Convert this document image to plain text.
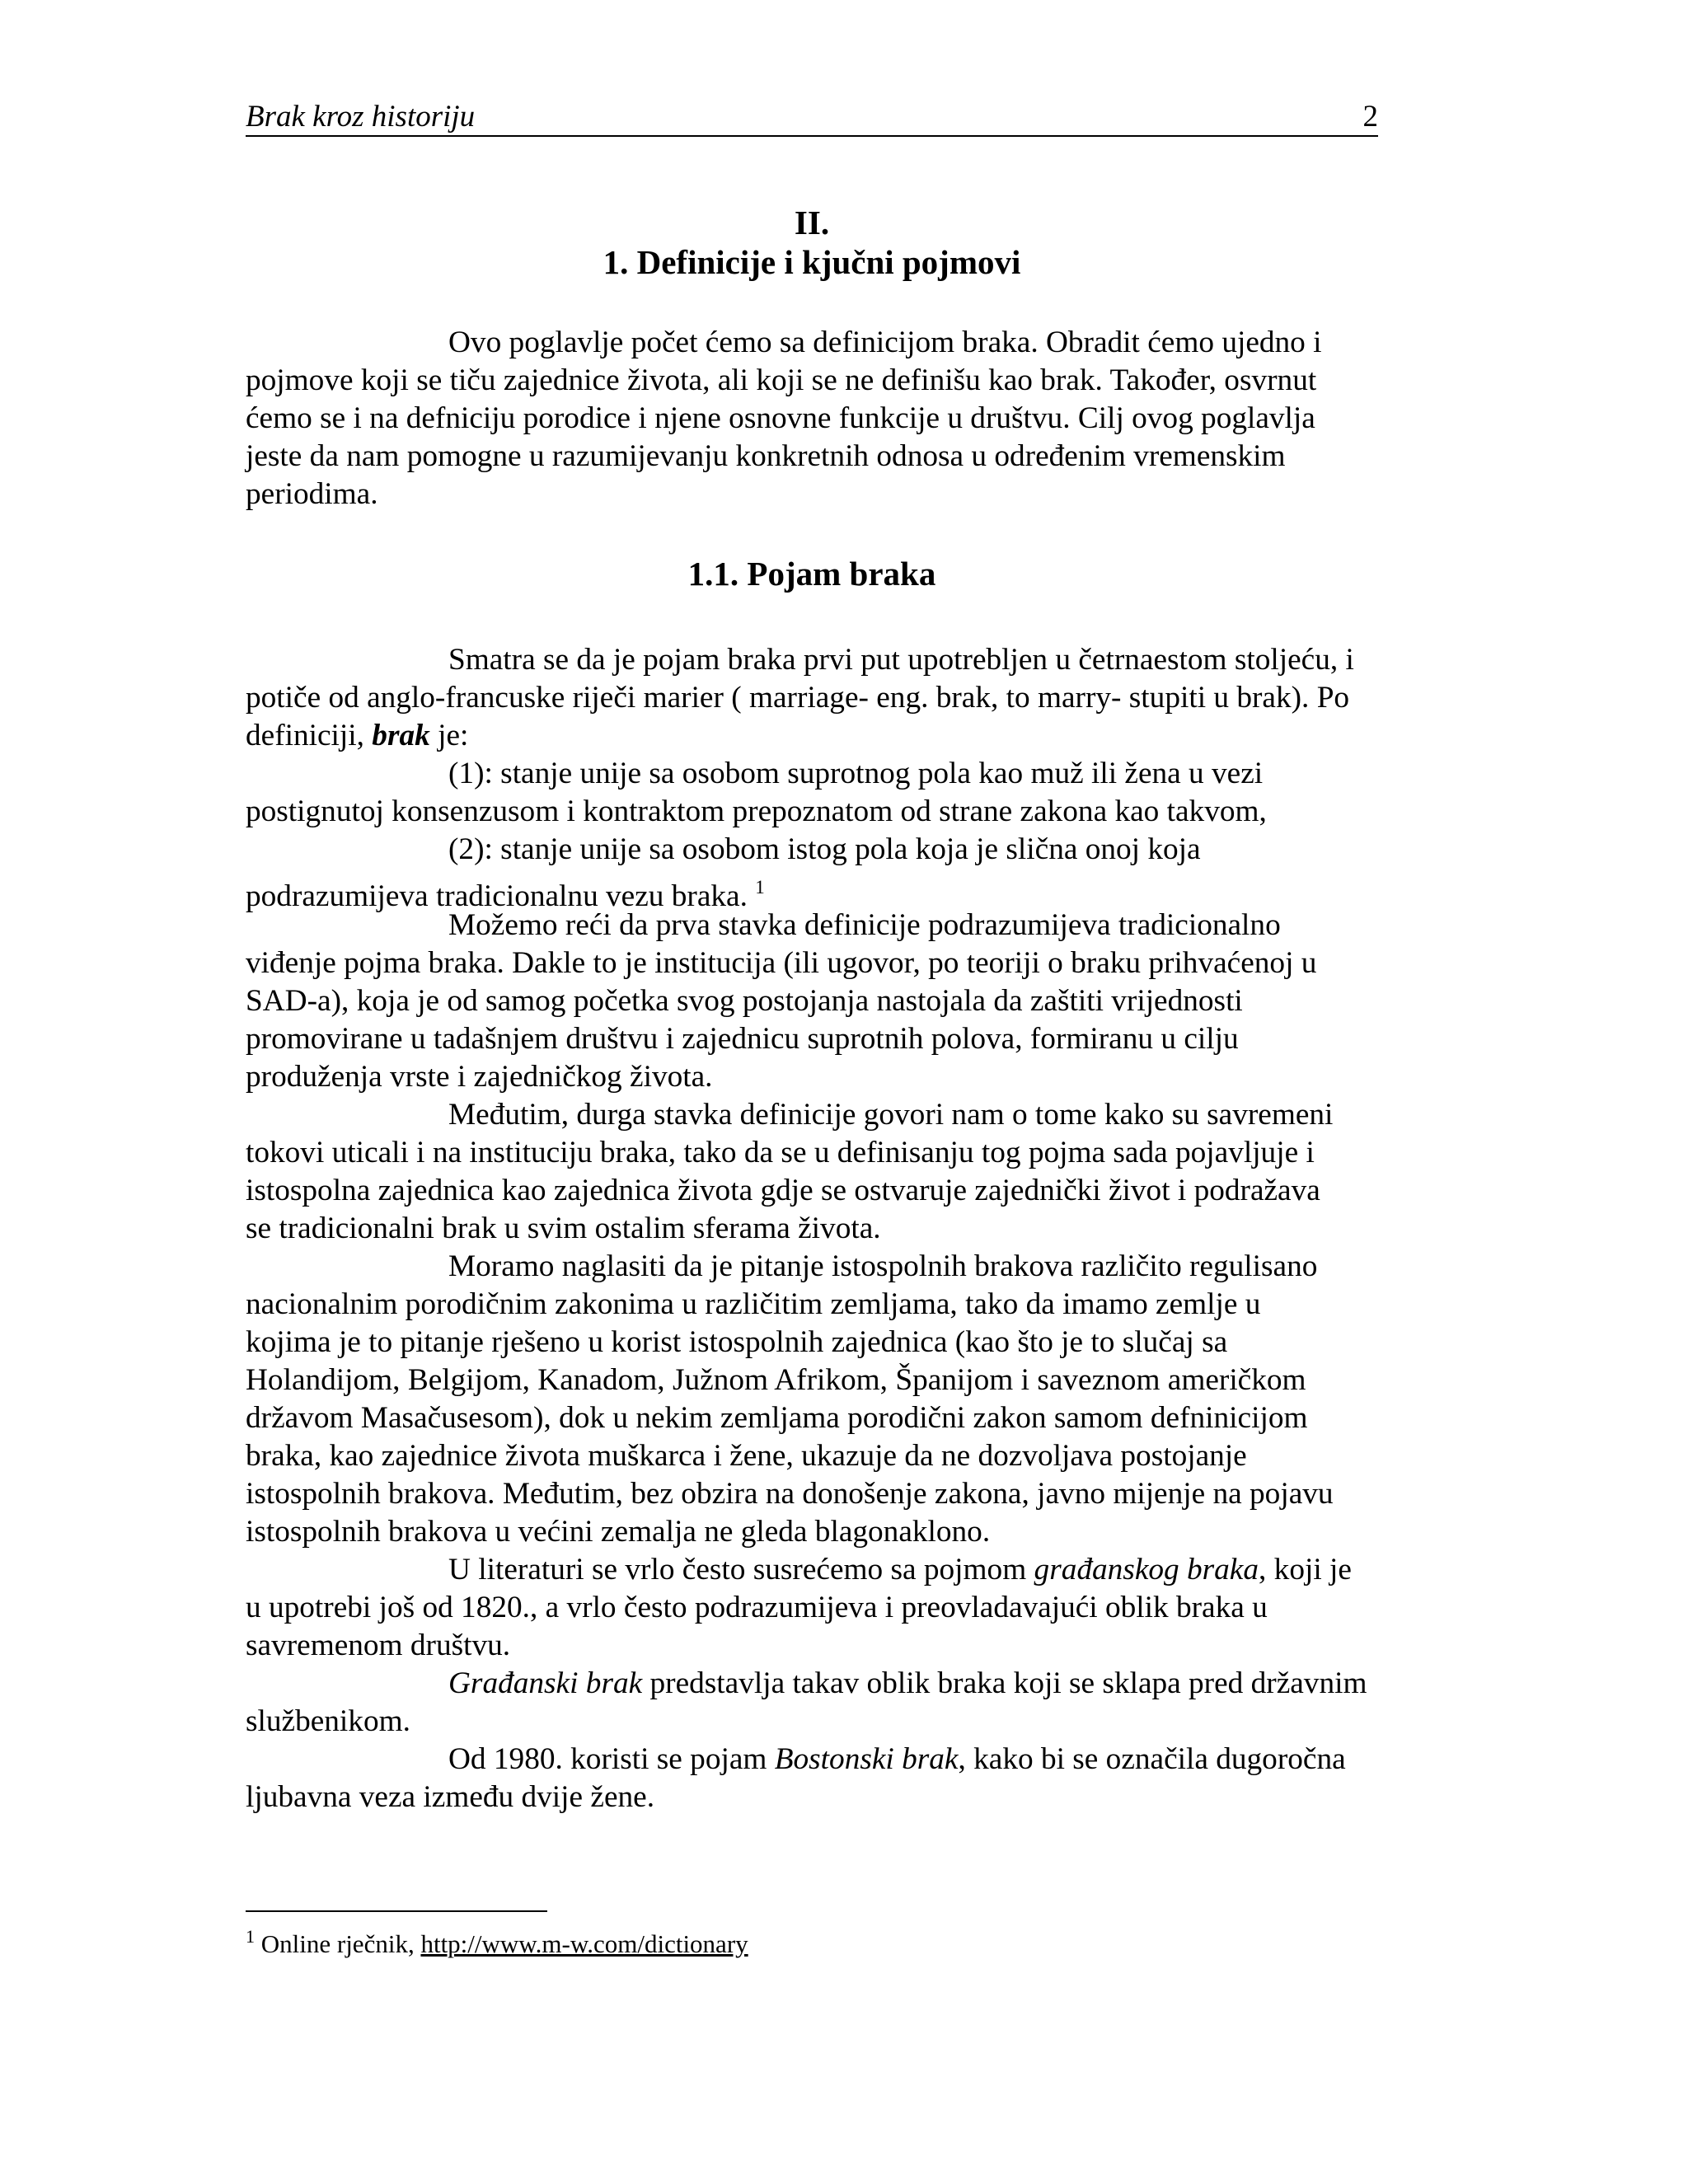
Brak kroz historiju	2
II.
1. Definicije i kjučni pojmovi
Ovo poglavlje počet ćemo sa definicijom braka. Obradit ćemo ujedno i
pojmove koji se tiču zajednice života, ali koji se ne definišu kao brak. Također, osvrnut
ćemo se i na defniciju porodice i njene osnovne funkcije u društvu. Cilj ovog poglavlja
jeste da nam pomogne u razumijevanju konkretnih odnosa u određenim vremenskim
periodima.
1.1. Pojam braka
Smatra se da je pojam braka prvi put upotrebljen u četrnaestom stoljeću, i
potiče od anglo-francuske riječi marier ( marriage- eng. brak, to marry- stupiti u brak). Po
definiciji, brak je:
(1): stanje unije sa osobom suprotnog pola kao muž ili žena u vezi
postignutoj konsenzusom i kontraktom prepoznatom od strane zakona kao takvom,
(2): stanje unije sa osobom istog pola koja je slična onoj koja
podrazumijeva tradicionalnu vezu braka. $^1$
Možemo reći da prva stavka definicije podrazumijeva tradicionalno
viđenje pojma braka. Dakle to je institucija (ili ugovor, po teoriji o braku prihvaćenoj u
SAD-a), koja je od samog početka svog postojanja nastojala da zaštiti vrijednosti
promovirane u tadašnjem društvu i zajednicu suprotnih polova, formiranu u cilju
produženja vrste i zajedničkog života.
Međutim, durga stavka definicije govori nam o tome kako su savremeni
tokovi uticali i na instituciju braka, tako da se u definisanju tog pojma sada pojavljuje i
istospolna zajednica kao zajednica života gdje se ostvaruje zajednički život i podražava
se tradicionalni brak u svim ostalim sferama života.
Moramo naglasiti da je pitanje istospolnih brakova različito regulisano
nacionalnim porodičnim zakonima u različitim zemljama, tako da imamo zemlje u
kojima je to pitanje rješeno u korist istospolnih zajednica (kao što je to slučaj sa
Holandijom, Belgijom, Kanadom, Južnom Afrikom, Španijom i saveznom američkom
državom Masačusesom), dok u nekim zemljama porodični zakon samom defninicijom
braka, kao zajednice života muškarca i žene, ukazuje da ne dozvoljava postojanje
istospolnih brakova. Međutim, bez obzira na donošenje zakona, javno mijenje na pojavu
istospolnih brakova u većini zemalja ne gleda blagonaklono.
U literaturi se vrlo često susrećemo sa pojmom građanskog braka, koji je
u upotrebi još od 1820., a vrlo često podrazumijeva i preovladavajući oblik braka u
savremenom društvu.
Građanski brak predstavlja takav oblik braka koji se sklapa pred državnim
službenikom.
Od 1980. koristi se pojam Bostonski brak, kako bi se označila dugoročna
ljubavna veza između dvije žene.
$^1$ Online rječnik, http://www.m-w.com/dictionary
